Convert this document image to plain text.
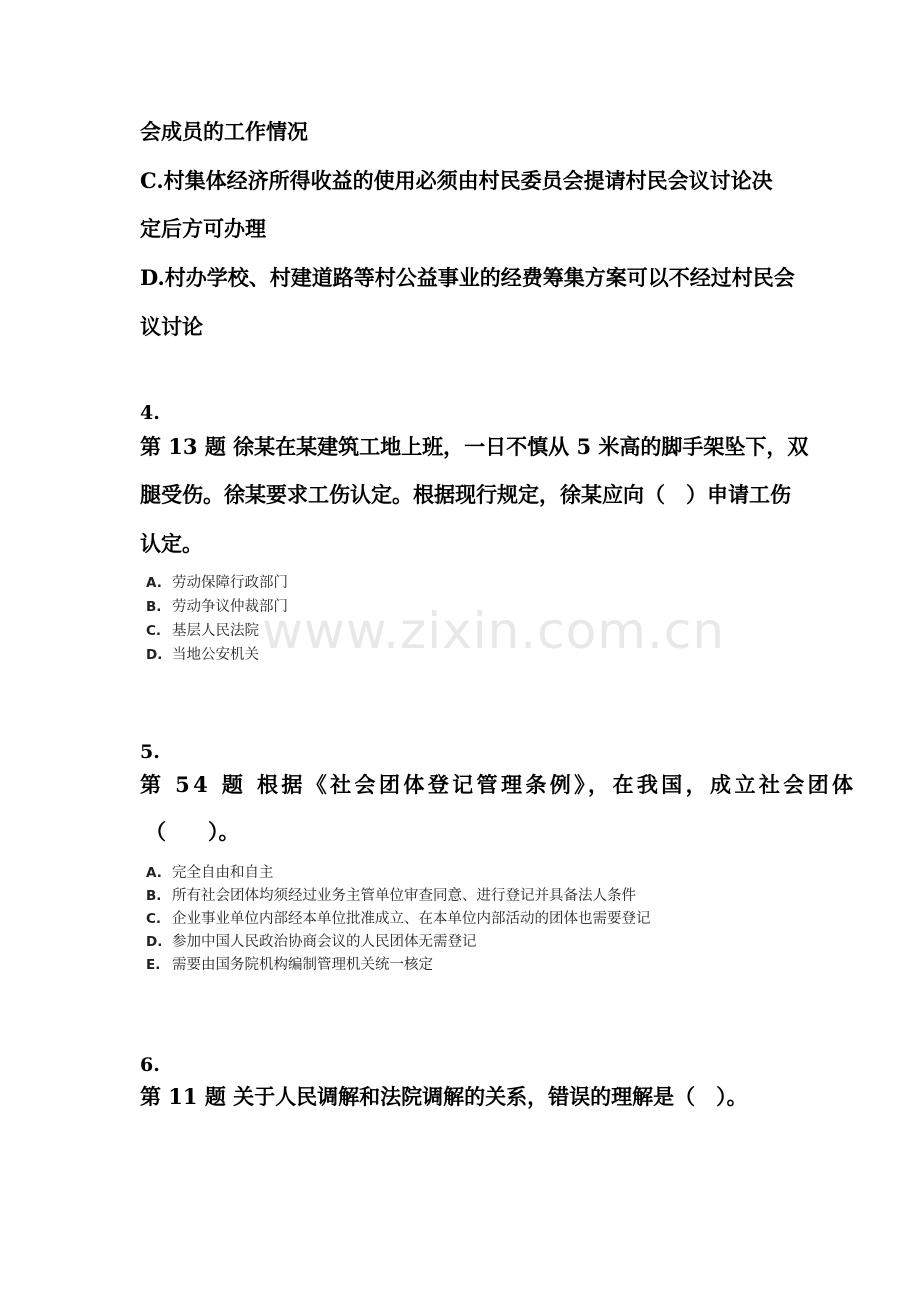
会成员的工作情况
C.村集体经济所得收益的使用必须由村民委员会提请村民会议讨论决
定后方可办理
D.村办学校、村建道路等村公益事业的经费筹集方案可以不经过村民会
议讨论
4.
第 13 题 徐某在某建筑工地上班，一日不慎从 5 米高的脚手架坠下，双
腿受伤。徐某要求工伤认定。根据现行规定，徐某应向（　）申请工伤
认定。
A. 劳动保障行政部门
B. 劳动争议仲裁部门
C. 基层人民法院
D. 当地公安机关
5.
第 54 题 根据《社会团体登记管理条例》，在我国，成立社会团体
（　　）。
A. 完全自由和自主
B. 所有社会团体均须经过业务主管单位审查同意、进行登记并具备法人条件
C. 企业事业单位内部经本单位批准成立、在本单位内部活动的团体也需要登记
D. 参加中国人民政治协商会议的人民团体无需登记
E. 需要由国务院机构编制管理机关统一核定
6.
第 11 题 关于人民调解和法院调解的关系，错误的理解是（　）。
www.zixin.com.cn
